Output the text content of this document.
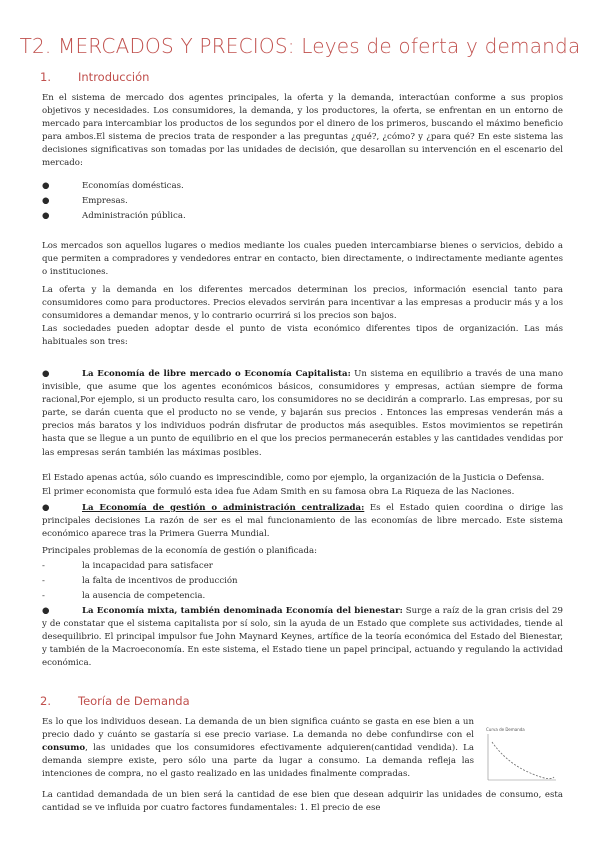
T2. MERCADOS Y PRECIOS: Leyes de oferta y demanda
1. Introducción
En el sistema de mercado dos agentes principales, la oferta y la demanda, interactúan conforme a sus propios objetivos y necesidades. Los consumidores, la demanda, y los productores, la oferta, se enfrentan en un entorno de mercado para intercambiar los productos de los segundos por el dinero de los primeros, buscando el máximo beneficio para ambos.El sistema de precios trata de responder a las preguntas ¿qué?, ¿cómo? y ¿para qué? En este sistema las decisiones significativas son tomadas por las unidades de decisión, que desarollan su intervención en el escenario del mercado:
●	Economías domésticas.
●	Empresas.
●	Administración pública.
Los mercados son aquellos lugares o medios mediante los cuales pueden intercambiarse bienes o servicios, debido a que permiten a compradores y vendedores entrar en contacto, bien directamente, o indirectamente mediante agentes o instituciones.
La oferta y la demanda en los diferentes mercados determinan los precios, información esencial tanto para consumidores como para productores. Precios elevados servirán para incentivar a las empresas a producir más y a los consumidores a demandar menos, y lo contrario ocurrirá si los precios son bajos.
Las sociedades pueden adoptar desde el punto de vista económico diferentes tipos de organización. Las más habituales son tres:
●	La Economía de libre mercado o Economía Capitalista: Un sistema en equilibrio a través de una mano invisible, que asume que los agentes económicos básicos, consumidores y empresas, actúan siempre de forma racional,Por ejemplo, si un producto resulta caro, los consumidores no se decidirán a comprarlo. Las empresas, por su parte, se darán cuenta que el producto no se vende, y bajarán sus precios . Entonces las empresas venderán más a precios más baratos y los individuos podrán disfrutar de productos más asequibles. Estos movimientos se repetirán hasta que se llegue a un punto de equilibrio en el que los precios permanecerán estables y las cantidades vendidas por las empresas serán también las máximas posibles.
El Estado apenas actúa, sólo cuando es imprescindible, como por ejemplo, la organización de la Justicia o Defensa.
El primer economista que formuló esta idea fue Adam Smith en su famosa obra La Riqueza de las Naciones.
●	La Economía de gestión o administración centralizada: Es el Estado quien coordina o dirige las principales decisiones La razón de ser es el mal funcionamiento de las economías de libre mercado. Este sistema económico aparece tras la Primera Guerra Mundial.
Principales problemas de la economía de gestión o planificada:
-	la incapacidad para satisfacer
-	la falta de incentivos de producción
-	la ausencia de competencia.
●	La Economía mixta, también denominada Economía del bienestar: Surge a raíz de la gran crisis del 29 y de constatar que el sistema capitalista por sí solo, sin la ayuda de un Estado que complete sus actividades, tiende al desequilibrio. El principal impulsor fue John Maynard Keynes, artífice de la teoría económica del Estado del Bienestar, y también de la Macroeconomía. En este sistema, el Estado tiene un papel principal, actuando y regulando la actividad económica.
2. Teoría de Demanda
Es lo que los individuos desean. La demanda de un bien significa cuánto se gasta en ese bien a un precio dado y cuánto se gastaría si ese precio variase. La demanda no debe confundirse con el consumo, las unidades que los consumidores efectivamente adquieren(cantidad vendida). La demanda siempre existe, pero sólo una parte da lugar a consumo. La demanda refleja las intenciones de compra, no el gasto realizado en las unidades finalmente compradas.
Curva de Demanda
La cantidad demandada de un bien será la cantidad de ese bien que desean adquirir las unidades de consumo, esta cantidad se ve influida por cuatro factores fundamentales: 1. El precio de ese
